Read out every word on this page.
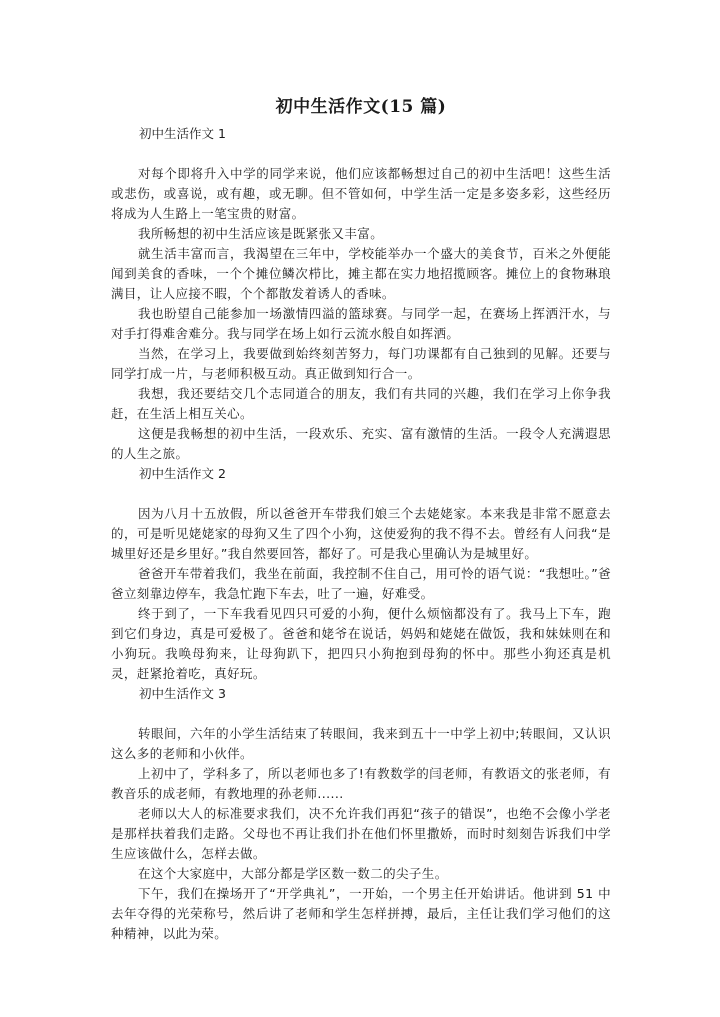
初中生活作文(15 篇)

初中生活作文 1

对每个即将升入中学的同学来说，他们应该都畅想过自己的初中生活吧！这些生活或悲伤，或喜说，或有趣，或无聊。但不管如何，中学生活一定是多姿多彩，这些经历将成为人生路上一笔宝贵的财富。

我所畅想的初中生活应该是既紧张又丰富。

就生活丰富而言，我渴望在三年中，学校能举办一个盛大的美食节，百米之外便能闻到美食的香味，一个个摊位鳞次栉比，摊主都在实力地招揽顾客。摊位上的食物琳琅满目，让人应接不暇，个个都散发着诱人的香味。

我也盼望自己能参加一场激情四溢的篮球赛。与同学一起，在赛场上挥洒汗水，与对手打得难舍难分。我与同学在场上如行云流水般自如挥洒。

当然，在学习上，我要做到始终刻苦努力，每门功课都有自己独到的见解。还要与同学打成一片，与老师积极互动。真正做到知行合一。

我想，我还要结交几个志同道合的朋友，我们有共同的兴趣，我们在学习上你争我赶，在生活上相互关心。

这便是我畅想的初中生活，一段欢乐、充实、富有激情的生活。一段令人充满遐思的人生之旅。

初中生活作文 2

因为八月十五放假，所以爸爸开车带我们娘三个去姥姥家。本来我是非常不愿意去的，可是听见姥姥家的母狗又生了四个小狗，这使爱狗的我不得不去。曾经有人问我“是城里好还是乡里好。”我自然要回答，都好了。可是我心里确认为是城里好。

爸爸开车带着我们，我坐在前面，我控制不住自己，用可怜的语气说：“我想吐。”爸爸立刻靠边停车，我急忙跑下车去，吐了一遍，好难受。

终于到了，一下车我看见四只可爱的小狗，便什么烦恼都没有了。我马上下车，跑到它们身边，真是可爱极了。爸爸和姥爷在说话，妈妈和姥姥在做饭，我和妹妹则在和小狗玩。我唤母狗来，让母狗趴下，把四只小狗抱到母狗的怀中。那些小狗还真是机灵，赶紧抢着吃，真好玩。

初中生活作文 3

转眼间，六年的小学生活结束了转眼间，我来到五十一中学上初中;转眼间，又认识这么多的老师和小伙伴。

上初中了，学科多了，所以老师也多了!有教数学的闫老师，有教语文的张老师，有教音乐的成老师，有教地理的孙老师......

老师以大人的标准要求我们，决不允许我们再犯“孩子的错误”，也绝不会像小学老是那样扶着我们走路。父母也不再让我们扑在他们怀里撒娇，而时时刻刻告诉我们中学生应该做什么，怎样去做。

在这个大家庭中，大部分都是学区数一数二的尖子生。

下午，我们在操场开了“开学典礼”，一开始，一个男主任开始讲话。他讲到 51 中去年夺得的光荣称号，然后讲了老师和学生怎样拼搏，最后，主任让我们学习他们的这种精神，以此为荣。
